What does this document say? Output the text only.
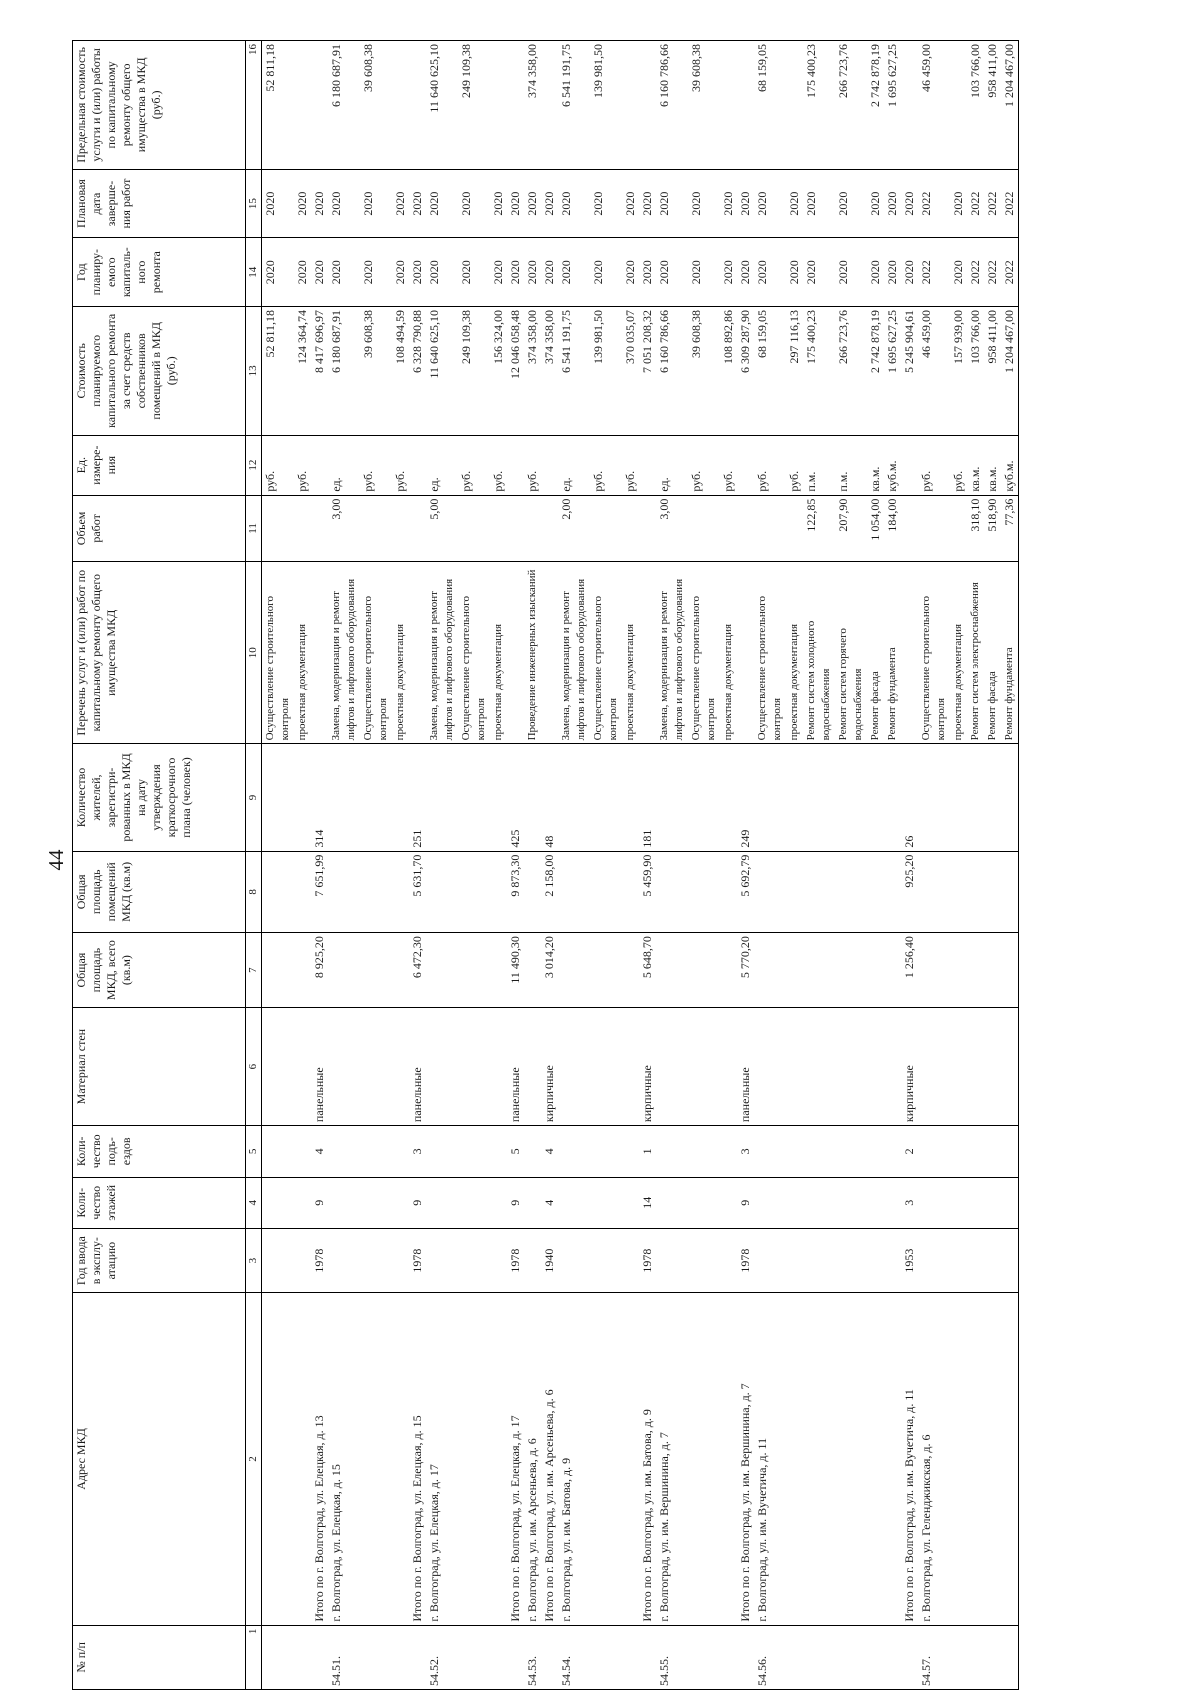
44
№ п/п	Адрес МКД	Год ввода в эксплу-атацию	Коли-чество этажей	Коли-чество подъ-ездов	Материал стен	Общая площадь МКД, всего (кв.м)	Общая площадь помещений МКД (кв.м)	Количество жителей, зарегистри-рованных в МКД на дату утверждения краткосрочного плана (человек)	Перечень услуг и (или) работ по капитальному ремонту общего имущества МКД	Объем работ	Ед. измере-ния	Стоимость планируемого капитального ремонта за счет средств собственников помещений в МКД (руб.)	Год планиру-емого капиталь-ного ремонта	Плановая дата заверше-ния работ	Предельная стоимость услуги и (или) работы по капитальному ремонту общего имущества в МКД (руб.)
1	2	3	4	5	6	7	8	9	10	11	12	13	14	15	16
									Осуществление строительного контроля		руб.	52 811,18	2020	2020	52 811,18
									проектная документация		руб.	124 364,74	2020	2020	
	Итого по г. Волгоград, ул. Елецкая, д. 13	1978	9	4	панельные	8 925,20	7 651,99	314				8 417 696,97	2020	2020	
54.51.	г. Волгоград, ул. Елецкая, д. 15								Замена, модернизация и ремонт лифтов и лифтового оборудования	3,00	ед.	6 180 687,91	2020	2020	6 180 687,91
									Осуществление строительного контроля		руб.	39 608,38	2020	2020	39 608,38
									проектная документация		руб.	108 494,59	2020	2020	
	Итого по г. Волгоград, ул. Елецкая, д. 15	1978	9	3	панельные	6 472,30	5 631,70	251				6 328 790,88	2020	2020	
54.52.	г. Волгоград, ул. Елецкая, д. 17								Замена, модернизация и ремонт лифтов и лифтового оборудования	5,00	ед.	11 640 625,10	2020	2020	11 640 625,10
									Осуществление строительного контроля		руб.	249 109,38	2020	2020	249 109,38
									проектная документация		руб.	156 324,00	2020	2020	
	Итого по г. Волгоград, ул. Елецкая, д. 17	1978	9	5	панельные	11 490,30	9 873,30	425				12 046 058,48	2020	2020	
54.53.	г. Волгоград, ул. им. Арсеньева, д. 6								Проведение инженерных изысканий		руб.	374 358,00	2020	2020	374 358,00
	Итого по г. Волгоград, ул. им. Арсеньева, д. 6	1940	4	4	кирпичные	3 014,20	2 158,00	48				374 358,00	2020	2020	
54.54.	г. Волгоград, ул. им. Батова, д. 9								Замена, модернизация и ремонт лифтов и лифтового оборудования	2,00	ед.	6 541 191,75	2020	2020	6 541 191,75
									Осуществление строительного контроля		руб.	139 981,50	2020	2020	139 981,50
									проектная документация		руб.	370 035,07	2020	2020	
	Итого по г. Волгоград, ул. им. Батова, д. 9	1978	14	1	кирпичные	5 648,70	5 459,90	181				7 051 208,32	2020	2020	
54.55.	г. Волгоград, ул. им. Вершинина, д. 7								Замена, модернизация и ремонт лифтов и лифтового оборудования	3,00	ед.	6 160 786,66	2020	2020	6 160 786,66
									Осуществление строительного контроля		руб.	39 608,38	2020	2020	39 608,38
									проектная документация		руб.	108 892,86	2020	2020	
	Итого по г. Волгоград, ул. им. Вершинина, д. 7	1978	9	3	панельные	5 770,20	5 692,79	249				6 309 287,90	2020	2020	
54.56.	г. Волгоград, ул. им. Вучетича, д. 11								Осуществление строительного контроля		руб.	68 159,05	2020	2020	68 159,05
									проектная документация		руб.	297 116,13	2020	2020	
									Ремонт систем холодного водоснабжения	122,85	п.м.	175 400,23	2020	2020	175 400,23
									Ремонт систем горячего водоснабжения	207,90	п.м.	266 723,76	2020	2020	266 723,76
									Ремонт фасада	1 054,00	кв.м.	2 742 878,19	2020	2020	2 742 878,19
									Ремонт фундамента	184,00	куб.м.	1 695 627,25	2020	2020	1 695 627,25
	Итого по г. Волгоград, ул. им. Вучетича, д. 11	1953	3	2	кирпичные	1 256,40	925,20	26				5 245 904,61	2020	2020	
54.57.	г. Волгоград, ул. Геленджикская, д. 6								Осуществление строительного контроля		руб.	46 459,00	2022	2022	46 459,00
									проектная документация		руб.	157 939,00	2020	2020	
									Ремонт систем электроснабжения	318,10	кв.м.	103 766,00	2022	2022	103 766,00
									Ремонт фасада	518,90	кв.м.	958 411,00	2022	2022	958 411,00
									Ремонт фундамента	77,36	куб.м.	1 204 467,00	2022	2022	1 204 467,00
